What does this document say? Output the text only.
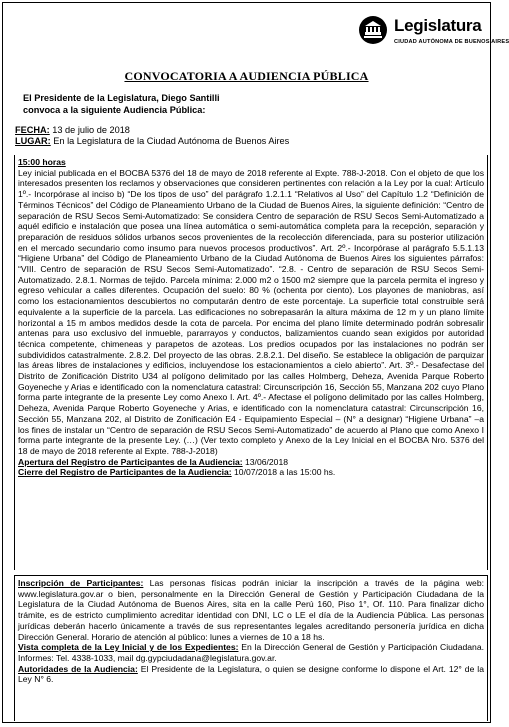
Legislatura
CIUDAD AUTÓNOMA DE BUENOS AIRES
CONVOCATORIA A AUDIENCIA PÚBLICA
El Presidente de la Legislatura, Diego Santilli
convoca a la siguiente Audiencia Pública:
FECHA: 13 de julio de 2018
LUGAR: En la Legislatura de la Ciudad Autónoma de Buenos Aires

15:00 horas

Ley inicial publicada en el BOCBA 5376 del 18 de mayo de 2018 referente al Expte. 788-J-2018. Con el objeto de que los interesados presenten los reclamos y observaciones que consideren pertinentes con relación a la Ley por la cual: Artículo 1º.- Incorpórase al inciso b) “De los tipos de uso” del parágrafo 1.2.1.1 “Relativos al Uso” del Capítulo 1.2 “Definición de Términos Técnicos” del Código de Planeamiento Urbano de la Ciudad de Buenos Aires, la siguiente definición: “Centro de separación de RSU Secos Semi-Automatizado: Se considera Centro de separación de RSU Secos Semi-Automatizado a aquél edificio e instalación que posea una línea automática o semi-automática completa para la recepción, separación y preparación de residuos sólidos urbanos secos provenientes de la recolección diferenciada, para su posterior utilización en el mercado secundario como insumo para nuevos procesos productivos”. Art. 2º.- Incorpórase al parágrafo 5.5.1.13 “Higiene Urbana” del Código de Planeamiento Urbano de la Ciudad Autónoma de Buenos Aires los siguientes párrafos: “VIII. Centro de separación de RSU Secos Semi-Automatizado”. “2.8. - Centro de separación de RSU Secos Semi-Automatizado. 2.8.1. Normas de tejido. Parcela mínima: 2.000 m2 o 1500 m2 siempre que la parcela permita el ingreso y egreso vehicular a calles diferentes. Ocupación del suelo: 80 % (ochenta por ciento). Los playones de maniobras, así como los estacionamientos descubiertos no computarán dentro de este porcentaje. La superficie total construible será equivalente a la superficie de la parcela. Las edificaciones no sobrepasarán la altura máxima de 12 m y un plano límite horizontal a 15 m ambos medidos desde la cota de parcela. Por encima del plano límite determinado podrán sobresalir antenas para uso exclusivo del inmueble, pararrayos y conductos, balizamientos cuando sean exigidos por autoridad técnica competente, chimeneas y parapetos de azoteas. Los predios ocupados por las instalaciones no podrán ser subdivididos catastralmente. 2.8.2. Del proyecto de las obras. 2.8.2.1. Del diseño. Se establece la obligación de parquizar las áreas libres de instalaciones y edificios, incluyendose los estacionamientos a cielo abierto”. Art. 3º.- Desafectase del Distrito de Zonificación Distrito U34 al polígono delimitado por las calles Holmberg, Deheza, Avenida Parque Roberto Goyeneche y Arias e identificado con la nomenclatura catastral: Circunscripción 16, Sección 55, Manzana 202 cuyo Plano forma parte integrante de la presente Ley como Anexo I. Art. 4º.- Afectase el polígono delimitado por las calles Holmberg, Deheza, Avenida Parque Roberto Goyeneche y Arias, e identificado con la nomenclatura catastral: Circunscripción 16, Sección 55, Manzana 202, al Distrito de Zonificación E4 - Equipamiento Especial – (N° a designar) “Higiene Urbana” –a los fines de instalar un “Centro de separación de RSU Secos Semi-Automatizado” de acuerdo al Plano que como Anexo I forma parte integrante de la presente Ley. (…) (Ver texto completo y Anexo de la Ley Inicial en el BOCBA Nro. 5376 del 18 de mayo de 2018 referente al Expte. 788-J-2018)

Apertura del Registro de Participantes de la Audiencia: 13/06/2018

Cierre del Registro de Participantes de la Audiencia: 10/07/2018 a las 15:00 hs.

Inscripción de Participantes: Las personas físicas podrán iniciar la inscripción a través de la página web: www.legislatura.gov.ar o bien, personalmente en la Dirección General de Gestión y Participación Ciudadana de la Legislatura de la Ciudad Autónoma de Buenos Aires, sita en la calle Perú 160, Piso 1°, Of. 110. Para finalizar dicho trámite, es de estricto cumplimiento acreditar identidad con DNI, LC o LE el día de la Audiencia Pública. Las personas jurídicas deberán hacerlo únicamente a través de sus representantes legales acreditando personería jurídica en dicha Dirección General. Horario de atención al público: lunes a viernes de 10 a 18 hs.

Vista completa de la Ley Inicial y de los Expedientes: En la Dirección General de Gestión y Participación Ciudadana. Informes: Tel. 4338-1033, mail dg.gypciudadana@legislatura.gov.ar.

Autoridades de la Audiencia: El Presidente de la Legislatura, o quien se designe conforme lo dispone el Art. 12° de la Ley N° 6.
